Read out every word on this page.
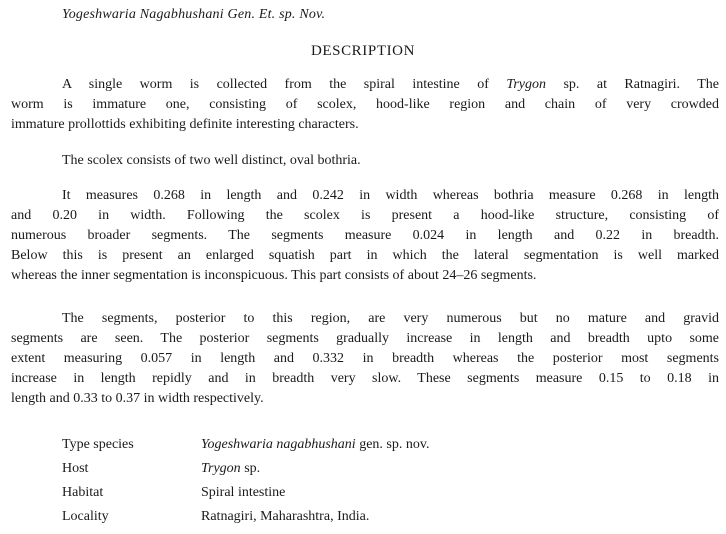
Yogeshwaria Nagabhushani Gen. Et. sp. Nov.
DESCRIPTION
A single worm is collected from the spiral intestine of Trygon sp. at Ratnagiri. The
worm is immature one, consisting of scolex, hood-like region and chain of very crowded
immature prollottids exhibiting definite interesting characters.
The scolex consists of two well distinct, oval bothria.
It measures 0.268 in length and 0.242 in width whereas bothria measure 0.268 in length
and 0.20 in width. Following the scolex is present a hood-like structure, consisting of
numerous broader segments. The segments measure 0.024 in length and 0.22 in breadth.
Below this is present an enlarged squatish part in which the lateral segmentation is well marked
whereas the inner segmentation is inconspicuous. This part consists of about 24–26 segments.
The segments, posterior to this region, are very numerous but no mature and gravid
segments are seen. The posterior segments gradually increase in length and breadth upto some
extent measuring 0.057 in length and 0.332 in breadth whereas the posterior most segments
increase in length repidly and in breadth very slow. These segments measure 0.15 to 0.18 in
length and 0.33 to 0.37 in width respectively.
Type species	Yogeshwaria nagabhushani gen. sp. nov.
Host	Trygon sp.
Habitat	Spiral intestine
Locality	Ratnagiri, Maharashtra, India.
